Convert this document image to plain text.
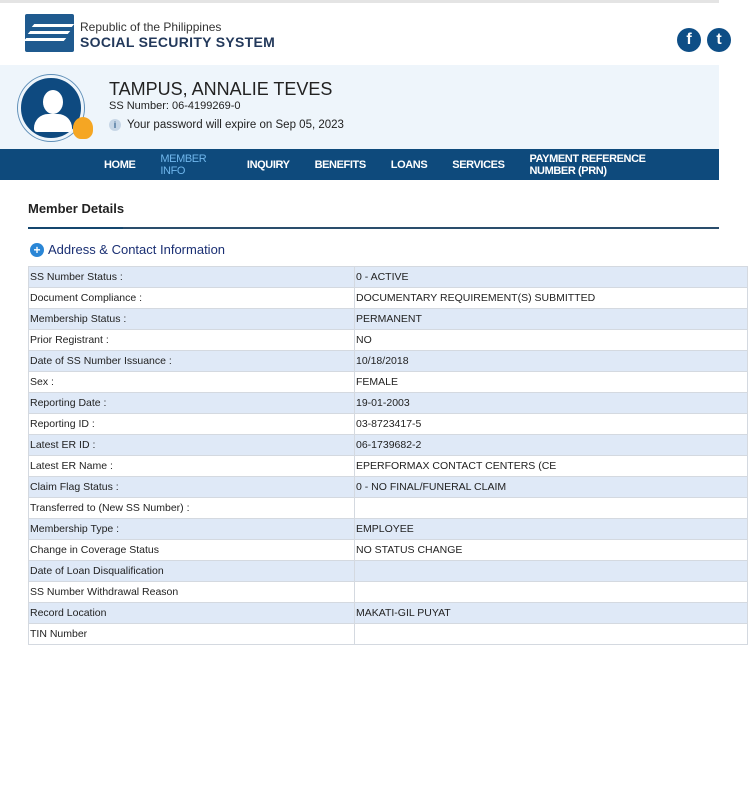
Republic of the Philippines
SOCIAL SECURITY SYSTEM	f	t
TAMPUS, ANNALIE TEVES
SS Number: 06-4199269-0
i Your password will expire on Sep 05, 2023
HOME MEMBER INFO	INQUIRY BENEFITS LOANS SERVICES PAYMENT REFERENCE NUMBER (PRN)
Member Details
+ Address & Contact Information
SS Number Status :	0 - ACTIVE
Document Compliance :	DOCUMENTARY REQUIREMENT(S) SUBMITTED
Membership Status :	PERMANENT
Prior Registrant :	NO
Date of SS Number Issuance :	10/18/2018
Sex :	FEMALE
Reporting Date :	19-01-2003
Reporting ID :	03-8723417-5
Latest ER ID :	06-1739682-2
Latest ER Name :	EPERFORMAX CONTACT CENTERS (CE
Claim Flag Status :	0 - NO FINAL/FUNERAL CLAIM
Transferred to (New SS Number) :	
Membership Type :	EMPLOYEE
Change in Coverage Status	NO STATUS CHANGE
Date of Loan Disqualification	
SS Number Withdrawal Reason	
Record Location	MAKATI-GIL PUYAT
TIN Number	
